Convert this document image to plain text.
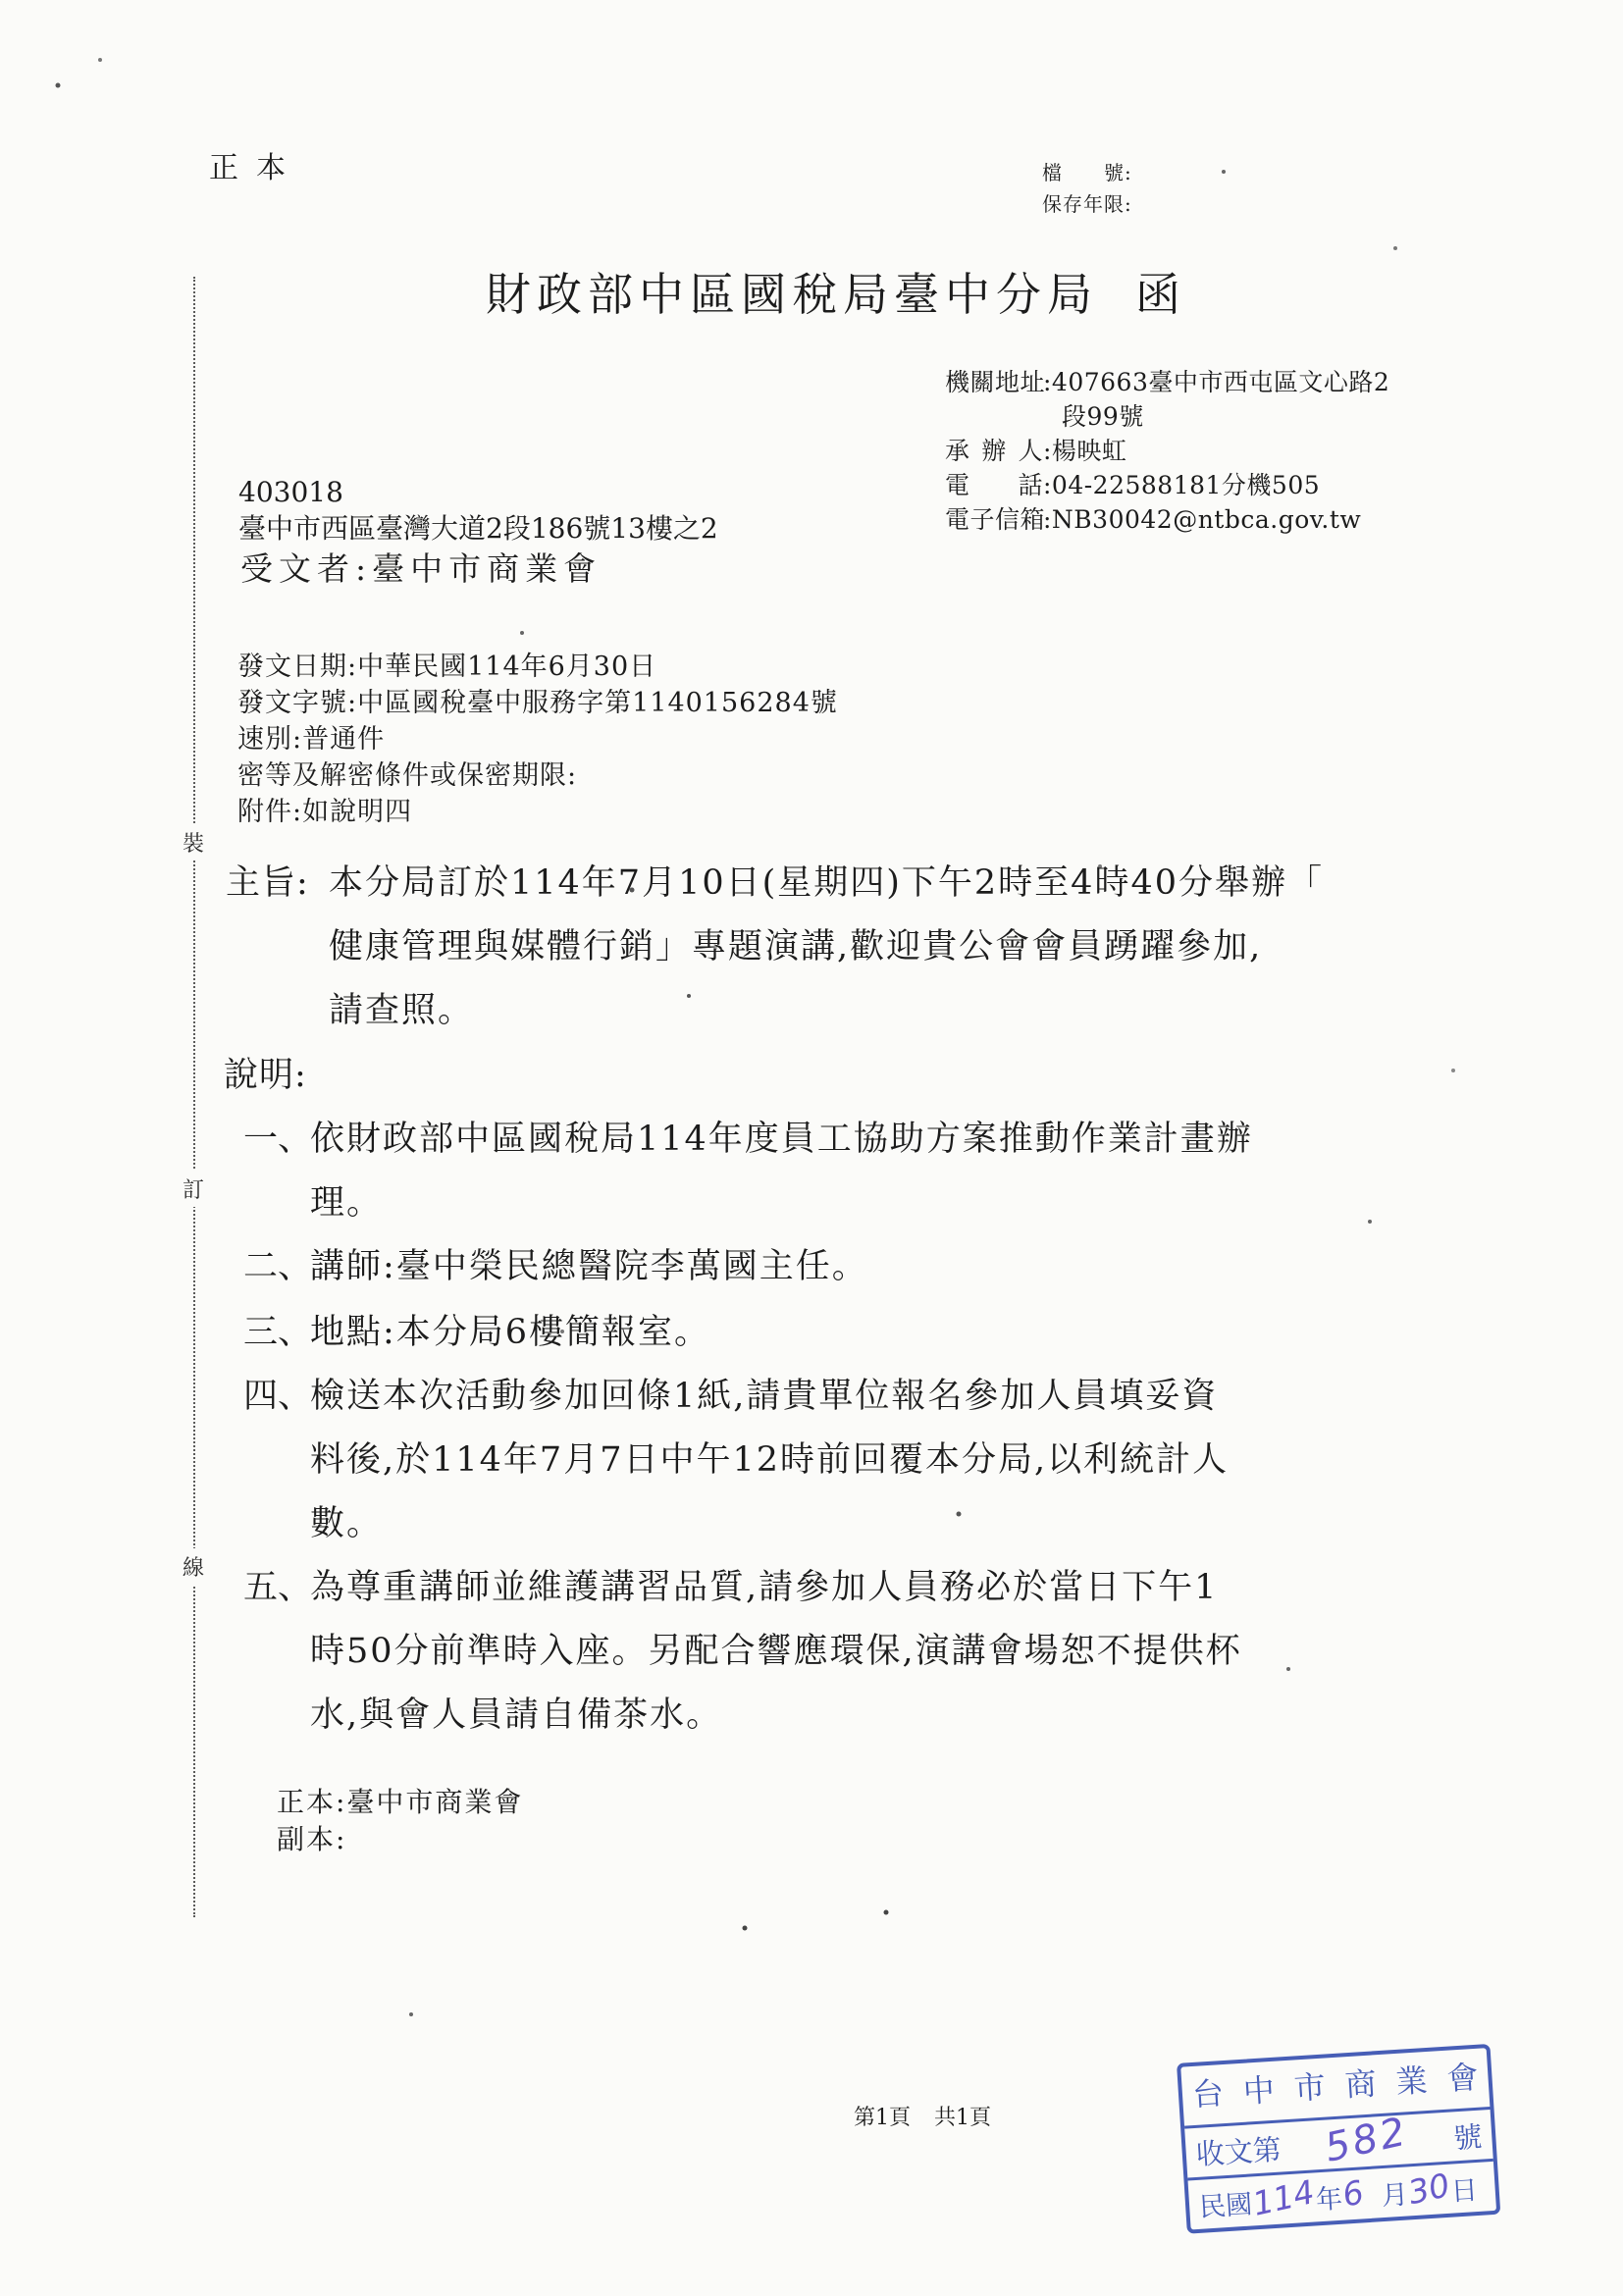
裝
訂
線
正本	檔　　號:
保存年限:
財政部中區國稅局臺中分局 函
機關地址:407663臺中市西屯區文心路2
段99號
承辦人:楊映虹
電話:04-22588181分機505
電子信箱:NB30042@ntbca.gov.tw
403018
臺中市西區臺灣大道2段186號13樓之2
受文者:臺中市商業會
發文日期:中華民國114年6月30日
發文字號:中區國稅臺中服務字第1140156284號
速別:普通件
密等及解密條件或保密期限:
附件:如說明四
主旨: 本分局訂於114年7月10日(星期四)下午2時至4時40分舉辦「
健康管理與媒體行銷」專題演講,歡迎貴公會會員踴躍參加,
請查照。
說明:
一、
依財政部中區國稅局114年度員工協助方案推動作業計畫辦
理。
二、
講師:臺中榮民總醫院李萬國主任。
三、
地點:本分局6樓簡報室。
四、
檢送本次活動參加回條1紙,請貴單位報名參加人員填妥資
料後,於114年7月7日中午12時前回覆本分局,以利統計人
數。
五、
為尊重講師並維護講習品質,請參加人員務必於當日下午1
時50分前準時入座。另配合響應環保,演講會場恕不提供杯
水,與會人員請自備茶水。
正本:臺中市商業會
副本:
第1頁 共1頁
台中市商業會
收文第 582 號
民國
114
年
6 月
30
日
